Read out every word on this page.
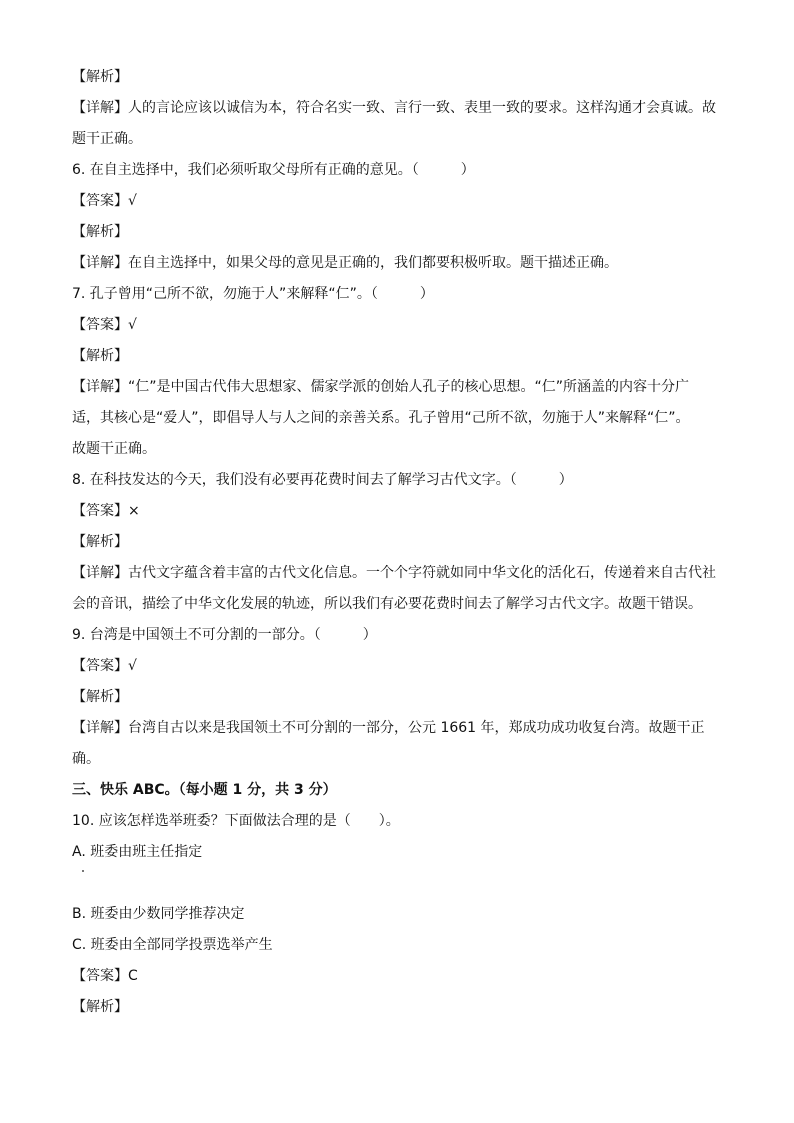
【解析】
【详解】人的言论应该以诚信为本，符合名实一致、言行一致、表里一致的要求。这样沟通才会真诚。故
题干正确。
6. 在自主选择中，我们必须听取父母所有正确的意见。（　　　）
【答案】√
【解析】
【详解】在自主选择中，如果父母的意见是正确的，我们都要积极听取。题干描述正确。
7. 孔子曾用“己所不欲，勿施于人”来解释“仁”。（　　　）
【答案】√
【解析】
【详解】“仁”是中国古代伟大思想家、儒家学派的创始人孔子的核心思想。“仁”所涵盖的内容十分广
适，其核心是“爱人”，即倡导人与人之间的亲善关系。孔子曾用“己所不欲，勿施于人”来解释“仁”。
故题干正确。
8. 在科技发达的今天，我们没有必要再花费时间去了解学习古代文字。（　　　）
【答案】×
【解析】
【详解】古代文字蕴含着丰富的古代文化信息。一个个字符就如同中华文化的活化石，传递着来自古代社
会的音讯，描绘了中华文化发展的轨迹，所以我们有必要花费时间去了解学习古代文字。故题干错误。
9. 台湾是中国领土不可分割的一部分。（　　　）
【答案】√
【解析】
【详解】台湾自古以来是我国领土不可分割的一部分，公元 1661 年，郑成功成功收复台湾。故题干正
确。
三、快乐 ABC。（每小题 1 分，共 3 分）
10. 应该怎样选举班委？下面做法合理的是（　　）。
A. 班委由班主任指定
B. 班委由少数同学推荐决定
C. 班委由全部同学投票选举产生
【答案】C
【解析】
